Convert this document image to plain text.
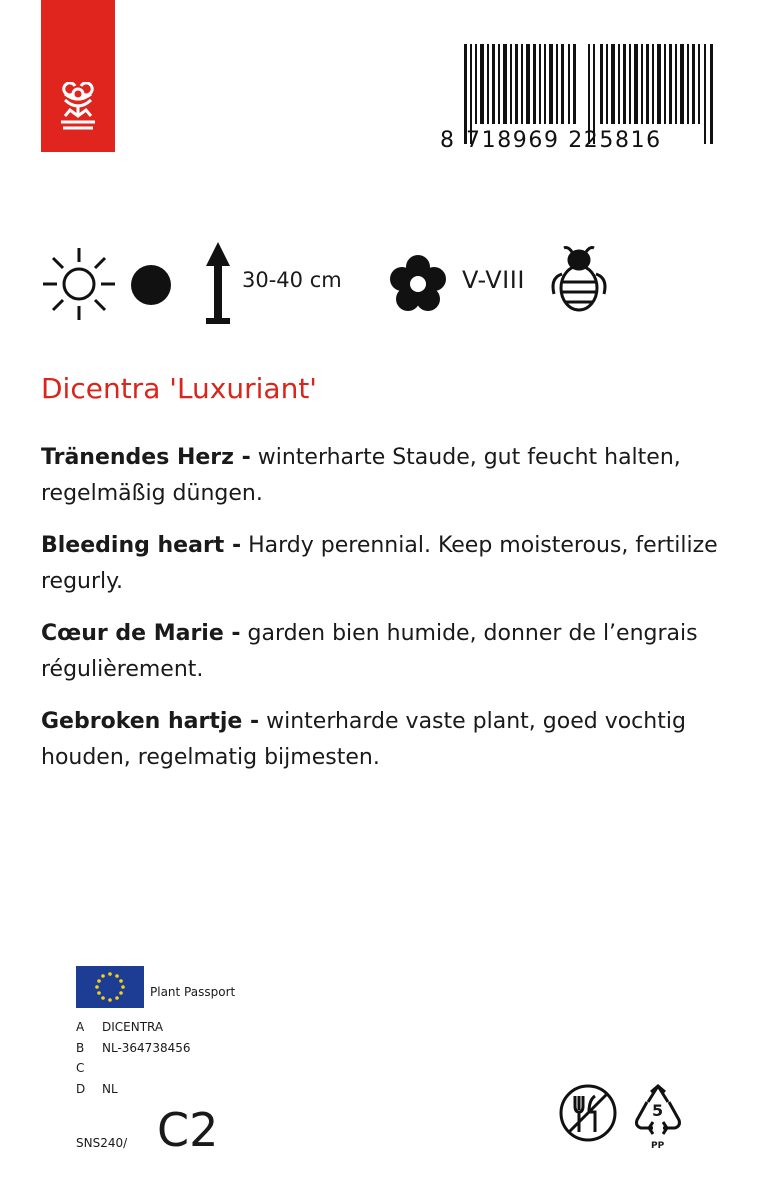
8 718969 225816
30-40 cm	V-VIII
Dicentra 'Luxuriant'

Tränendes Herz - winterharte Staude, gut feucht halten, regelmäßig düngen.

Bleeding heart - Hardy perennial. Keep moisterous, fertilize regurly.

Cœur de Marie - garden bien humide, donner de l’engrais régulièrement.

Gebroken hartje - winterharde vaste plant, goed vochtig houden, regelmatig bijmesten.

Plant Passport
A DICENTRA
B NL-364738456
C
D NL
SNS240/ C2	5
PP
